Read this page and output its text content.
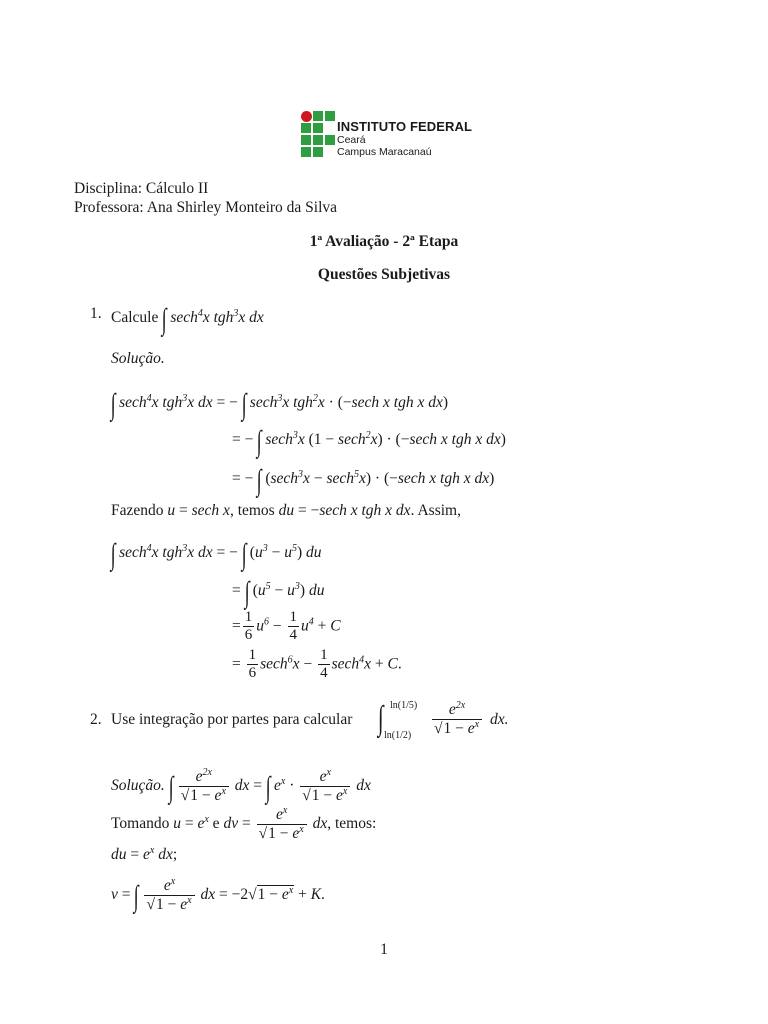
INSTITUTO FEDERAL
Ceará
Campus Maracanaú
Disciplina: Cálculo II
Professora: Ana Shirley Monteiro da Silva
1ª Avaliação - 2ª Etapa
Questões Subjetivas
1. Calcule ∫ sech$^4$x tgh$^3$x dx
Solução.
∫ sech$^4$x tgh$^3$x dx = − ∫ sech$^3$x tgh$^2$x · (−sech x tgh x dx)
= − ∫ sech$^3$x (1 − sech$^2$x) · (−sech x tgh x dx)
= − ∫ (sech$^3$x − sech$^5$x) · (−sech x tgh x dx)
Fazendo u = sech x, temos du = −sech x tgh x dx. Assim,
∫ sech$^4$x tgh$^3$x dx = − ∫ $(u^3 - u^5)$ du
= ∫ $(u^5 - u^3)$ du
= $\frac{1}{6} u^6 - \frac{1}{4} u^4 + C$
= $\frac{1}{6} \sec h^6x - \frac{1}{4} \sec h^4x + C$.
2. Use integração por partes para calcular ∫ ln(1/5)
$\ln(1/2) \frac{e^{2x}}{√1 - e^x}$ dx.
Solução. ∫ $\frac{e^{2x}}{√1 - e^x}$ dx = ∫ $e^x \cdot \frac{e^x}{√1 - e^x}$ dx
Tomando $u = e^x$ e dv = $\frac{e^x}{√1 - e^x}$ dx, temos:
du = $e^x$ dx;
v = ∫ $\frac{e^x}{√1 - e^x}$ dx = $-2√1 - e^x + K$.
1
